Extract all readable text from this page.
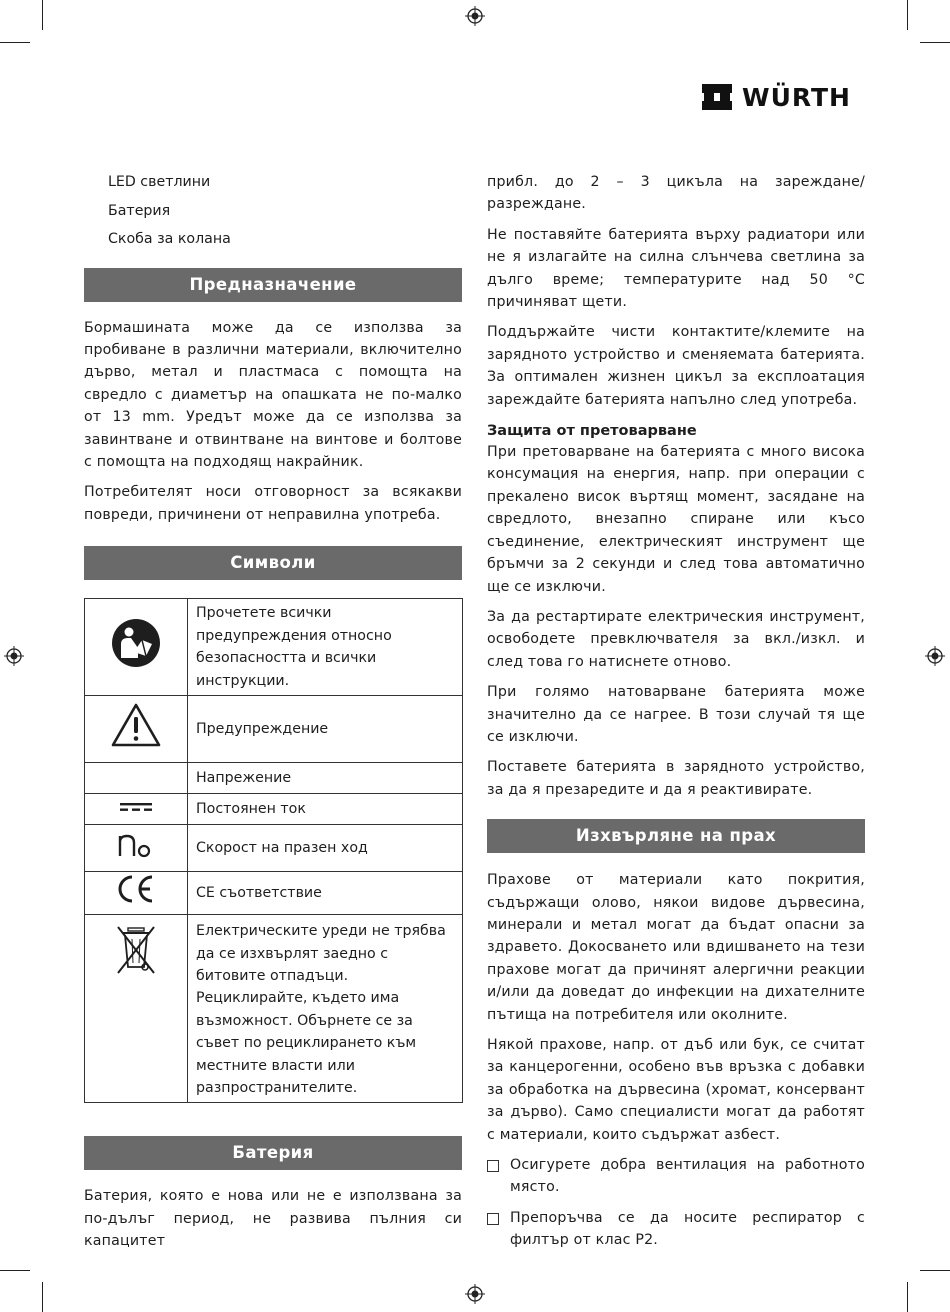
WÜRTH
LED светлини
Батерия
Скоба за колана
Предназначение

Бормашината може да се използва за пробиване в различни материали, включително дърво, метал и пластмаса с помощта на свредло с диаметър на опашката не по-малко от 13 mm. Уредът може да се използва за завинтване и отвинтване на винтове и болтове с помощта на подходящ накрайник.

Потребителят носи отговорност за всякакви повреди, причинени от неправилна употреба.

Символи
	Прочетете всички предупреждения относно безопасността и всички инструкции.
	Предупреждение
	Напрежение
	Постоянен ток
	Скорост на празен ход
	CE съответствие
	Електрическите уреди не трябва да се изхвърлят заедно с битовите отпадъци. Рециклирайте, където има възможност. Обърнете се за съвет по рециклирането към местните власти или разпространителите.
Батерия

Батерия, която е нова или не е използвана за по-дълъг период, не развива пълния си капацитет

прибл. до 2 – 3 цикъла на зареждане/разреждане.

Не поставяйте батерията върху радиатори или не я излагайте на силна слънчева светлина за дълго време; температурите над 50 °C причиняват щети.

Поддържайте чисти контактите/клемите на зарядното устройство и сменяемата батерията. За оптимален жизнен цикъл за експлоатация зареждайте батерията напълно след употреба.

Защита от претоварване

При претоварване на батерията с много висока консумация на енергия, напр. при операции с прекалено висок въртящ момент, засядане на свредлото, внезапно спиране или късо съединение, електрическият инструмент ще бръмчи за 2 секунди и след това автоматично ще се изключи.

За да рестартирате електрическия инструмент, освободете превключвателя за вкл./изкл. и след това го натиснете отново.

При голямо натоварване батерията може значително да се нагрее. В този случай тя ще се изключи.

Поставете батерията в зарядното устройство, за да я презаредите и да я реактивирате.

Изхвърляне на прах

Прахове от материали като покрития, съдържащи олово, някои видове дървесина, минерали и метал могат да бъдат опасни за здравето. Докосването или вдишването на тези прахове могат да причинят алергични реакции и/или да доведат до инфекции на дихателните пътища на потребителя или околните.

Някой прахове, напр. от дъб или бук, се считат за канцерогенни, особено във връзка с добавки за обработка на дървесина (хромат, консервант за дърво). Само специалисти могат да работят с материали, които съдържат азбест.

Осигурете добра вентилация на работното място.
Препоръчва се да носите респиратор с филтър от клас P2.
